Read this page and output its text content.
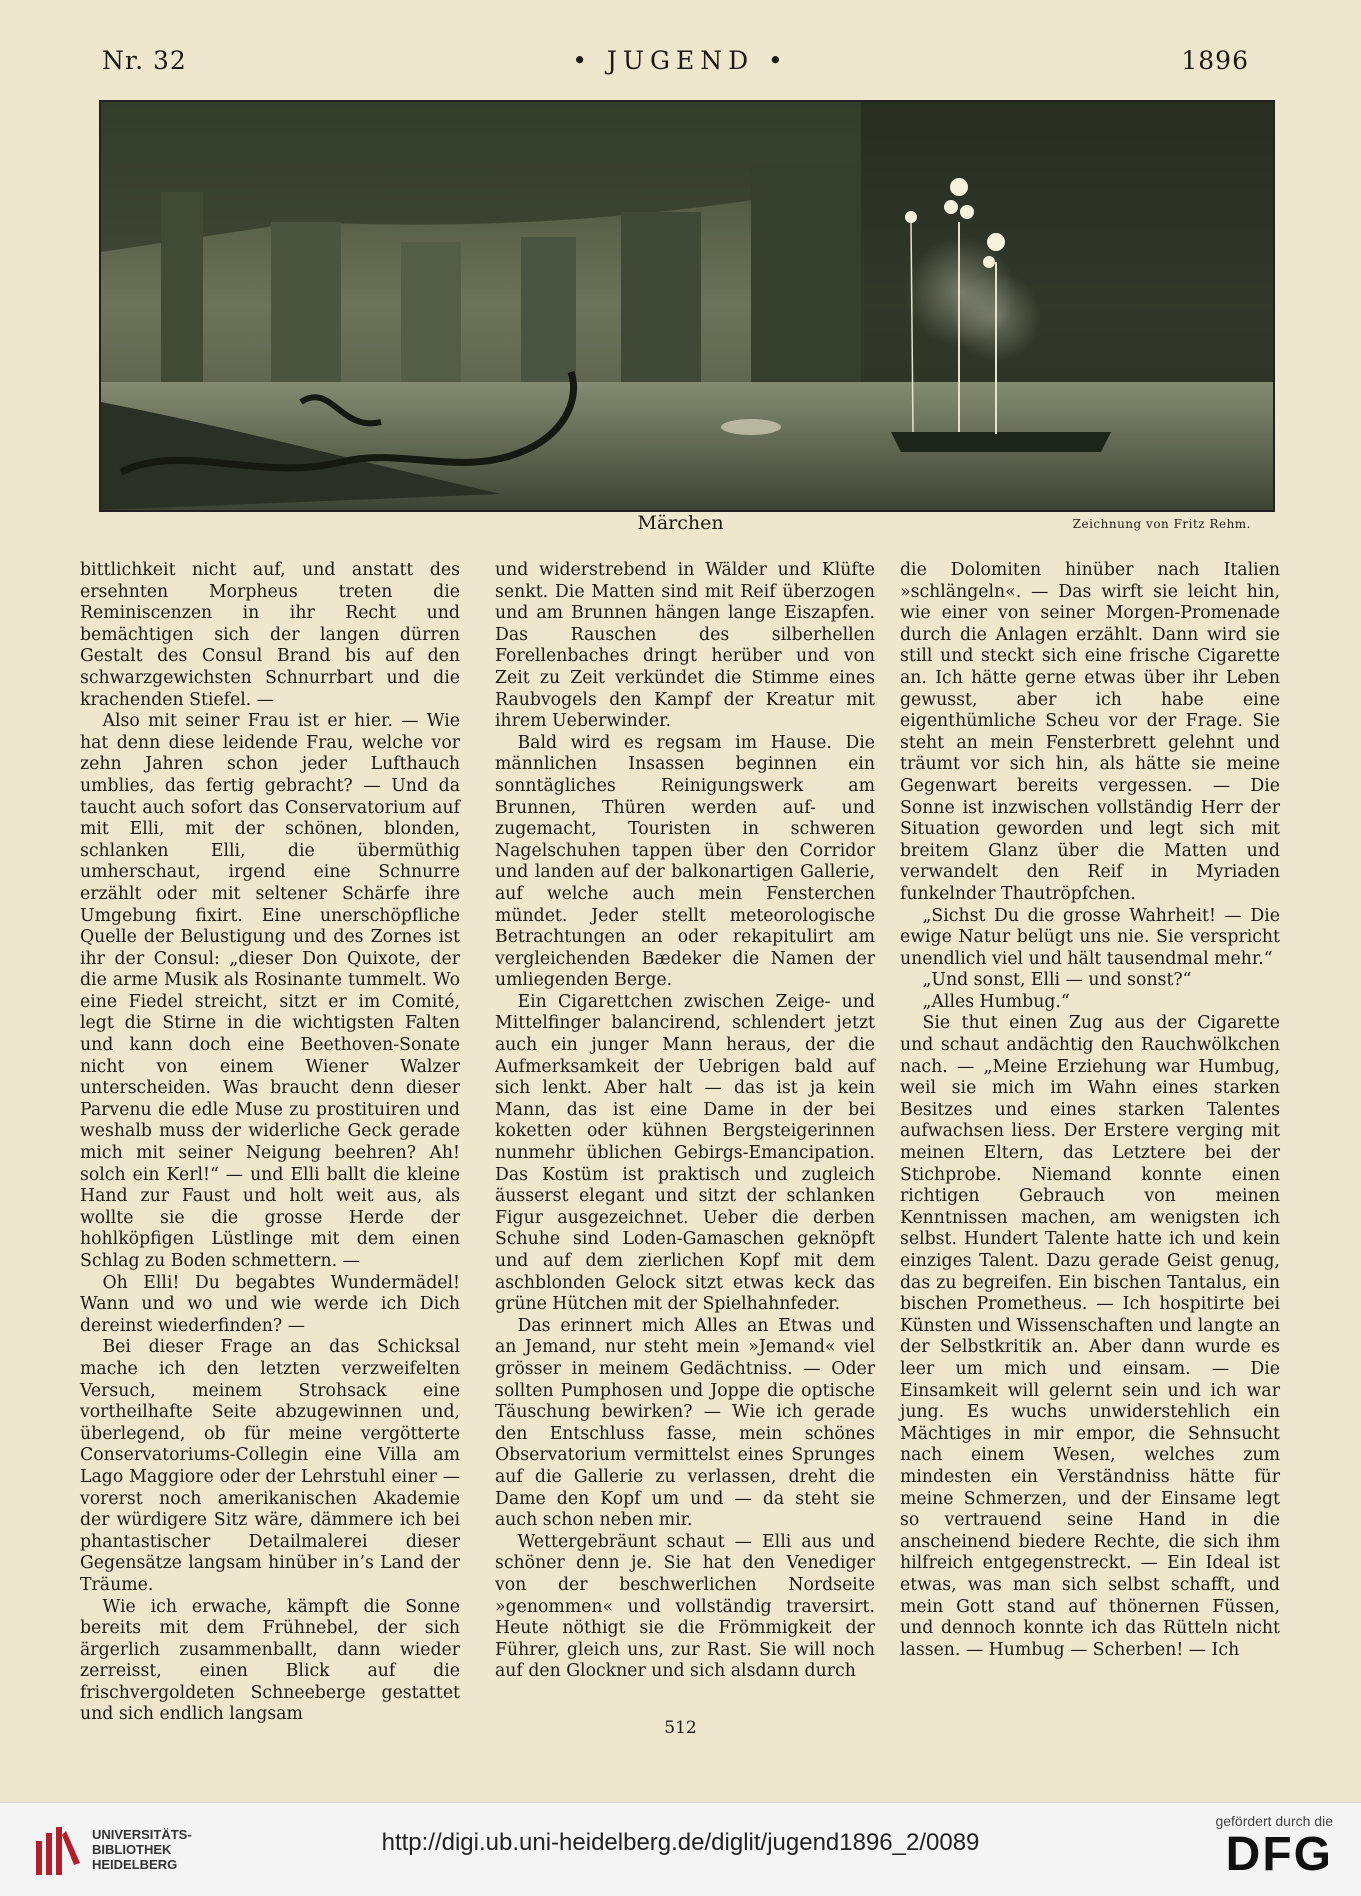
Nr. 32	• JUGEND •	1896
Märchen	Zeichnung von Fritz Rehm.

bittlichkeit nicht auf, und anstatt des ersehnten Morpheus treten die Reminiscenzen in ihr Recht und bemächtigen sich der langen dürren Gestalt des Consul Brand bis auf den schwarzgewichsten Schnurrbart und die krachenden Stiefel. —

Also mit seiner Frau ist er hier. — Wie hat denn diese leidende Frau, welche vor zehn Jahren schon jeder Lufthauch umblies, das fertig gebracht? — Und da taucht auch sofort das Conservatorium auf mit Elli, mit der schönen, blonden, schlanken Elli, die übermüthig umherschaut, irgend eine Schnurre erzählt oder mit seltener Schärfe ihre Umgebung fixirt. Eine unerschöpfliche Quelle der Belustigung und des Zornes ist ihr der Consul: „dieser Don Quixote, der die arme Musik als Rosinante tummelt. Wo eine Fiedel streicht, sitzt er im Comité, legt die Stirne in die wichtigsten Falten und kann doch eine Beethoven-Sonate nicht von einem Wiener Walzer unterscheiden. Was braucht denn dieser Parvenu die edle Muse zu prostituiren und weshalb muss der widerliche Geck gerade mich mit seiner Neigung beehren? Ah! solch ein Kerl!“ — und Elli ballt die kleine Hand zur Faust und holt weit aus, als wollte sie die grosse Herde der hohlköpfigen Lüstlinge mit dem einen Schlag zu Boden schmettern. —

Oh Elli! Du begabtes Wundermädel! Wann und wo und wie werde ich Dich dereinst wiederfinden? —

Bei dieser Frage an das Schicksal mache ich den letzten verzweifelten Versuch, meinem Strohsack eine vortheilhafte Seite abzugewinnen und, überlegend, ob für meine vergötterte Conservatoriums-Collegin eine Villa am Lago Maggiore oder der Lehrstuhl einer — vorerst noch amerikanischen Akademie der würdigere Sitz wäre, dämmere ich bei phantastischer Detailmalerei dieser Gegensätze langsam hinüber in’s Land der Träume.

Wie ich erwache, kämpft die Sonne bereits mit dem Frühnebel, der sich ärgerlich zusammenballt, dann wieder zerreisst, einen Blick auf die frischvergoldeten Schneeberge gestattet und sich endlich langsam

und widerstrebend in Wälder und Klüfte senkt. Die Matten sind mit Reif überzogen und am Brunnen hängen lange Eiszapfen. Das Rauschen des silberhellen Forellenbaches dringt herüber und von Zeit zu Zeit verkündet die Stimme eines Raubvogels den Kampf der Kreatur mit ihrem Ueberwinder.

Bald wird es regsam im Hause. Die männlichen Insassen beginnen ein sonntägliches Reinigungswerk am Brunnen, Thüren werden auf- und zugemacht, Touristen in schweren Nagelschuhen tappen über den Corridor und landen auf der balkonartigen Gallerie, auf welche auch mein Fensterchen mündet. Jeder stellt meteorologische Betrachtungen an oder rekapitulirt am vergleichenden Bædeker die Namen der umliegenden Berge.

Ein Cigarettchen zwischen Zeige- und Mittelfinger balancirend, schlendert jetzt auch ein junger Mann heraus, der die Aufmerksamkeit der Uebrigen bald auf sich lenkt. Aber halt — das ist ja kein Mann, das ist eine Dame in der bei koketten oder kühnen Bergsteigerinnen nunmehr üblichen Gebirgs-Emancipation. Das Kostüm ist praktisch und zugleich äusserst elegant und sitzt der schlanken Figur ausgezeichnet. Ueber die derben Schuhe sind Loden-Gamaschen geknöpft und auf dem zierlichen Kopf mit dem aschblonden Gelock sitzt etwas keck das grüne Hütchen mit der Spielhahnfeder.

Das erinnert mich Alles an Etwas und an Jemand, nur steht mein »Jemand« viel grösser in meinem Gedächtniss. — Oder sollten Pumphosen und Joppe die optische Täuschung bewirken? — Wie ich gerade den Entschluss fasse, mein schönes Observatorium vermittelst eines Sprunges auf die Gallerie zu verlassen, dreht die Dame den Kopf um und — da steht sie auch schon neben mir.

Wettergebräunt schaut — Elli aus und schöner denn je. Sie hat den Venediger von der beschwerlichen Nordseite »genommen« und vollständig traversirt. Heute nöthigt sie die Frömmigkeit der Führer, gleich uns, zur Rast. Sie will noch auf den Glockner und sich alsdann durch

die Dolomiten hinüber nach Italien »schlängeln«. — Das wirft sie leicht hin, wie einer von seiner Morgen-Promenade durch die Anlagen erzählt. Dann wird sie still und steckt sich eine frische Cigarette an. Ich hätte gerne etwas über ihr Leben gewusst, aber ich habe eine eigenthümliche Scheu vor der Frage. Sie steht an mein Fensterbrett gelehnt und träumt vor sich hin, als hätte sie meine Gegenwart bereits vergessen. — Die Sonne ist inzwischen vollständig Herr der Situation geworden und legt sich mit breitem Glanz über die Matten und verwandelt den Reif in Myriaden funkelnder Thautröpfchen.

„Sichst Du die grosse Wahrheit! — Die ewige Natur belügt uns nie. Sie verspricht unendlich viel und hält tausendmal mehr.“

„Und sonst, Elli — und sonst?“

„Alles Humbug.“

Sie thut einen Zug aus der Cigarette und schaut andächtig den Rauchwölkchen nach. — „Meine Erziehung war Humbug, weil sie mich im Wahn eines starken Besitzes und eines starken Talentes aufwachsen liess. Der Erstere verging mit meinen Eltern, das Letztere bei der Stichprobe. Niemand konnte einen richtigen Gebrauch von meinen Kenntnissen machen, am wenigsten ich selbst. Hundert Talente hatte ich und kein einziges Talent. Dazu gerade Geist genug, das zu begreifen. Ein bischen Tantalus, ein bischen Prometheus. — Ich hospitirte bei Künsten und Wissenschaften und langte an der Selbstkritik an. Aber dann wurde es leer um mich und einsam. — Die Einsamkeit will gelernt sein und ich war jung. Es wuchs unwiderstehlich ein Mächtiges in mir empor, die Sehnsucht nach einem Wesen, welches zum mindesten ein Verständniss hätte für meine Schmerzen, und der Einsame legt so vertrauend seine Hand in die anscheinend biedere Rechte, die sich ihm hilfreich entgegenstreckt. — Ein Ideal ist etwas, was man sich selbst schafft, und mein Gott stand auf thönernen Füssen, und dennoch konnte ich das Rütteln nicht lassen. — Humbug — Scherben! — Ich

512
UNIVERSITÄTS-
BIBLIOTHEK
HEIDELBERG
http://digi.ub.uni-heidelberg.de/diglit/jugend1896_2/0089
gefördert durch die
DFG
